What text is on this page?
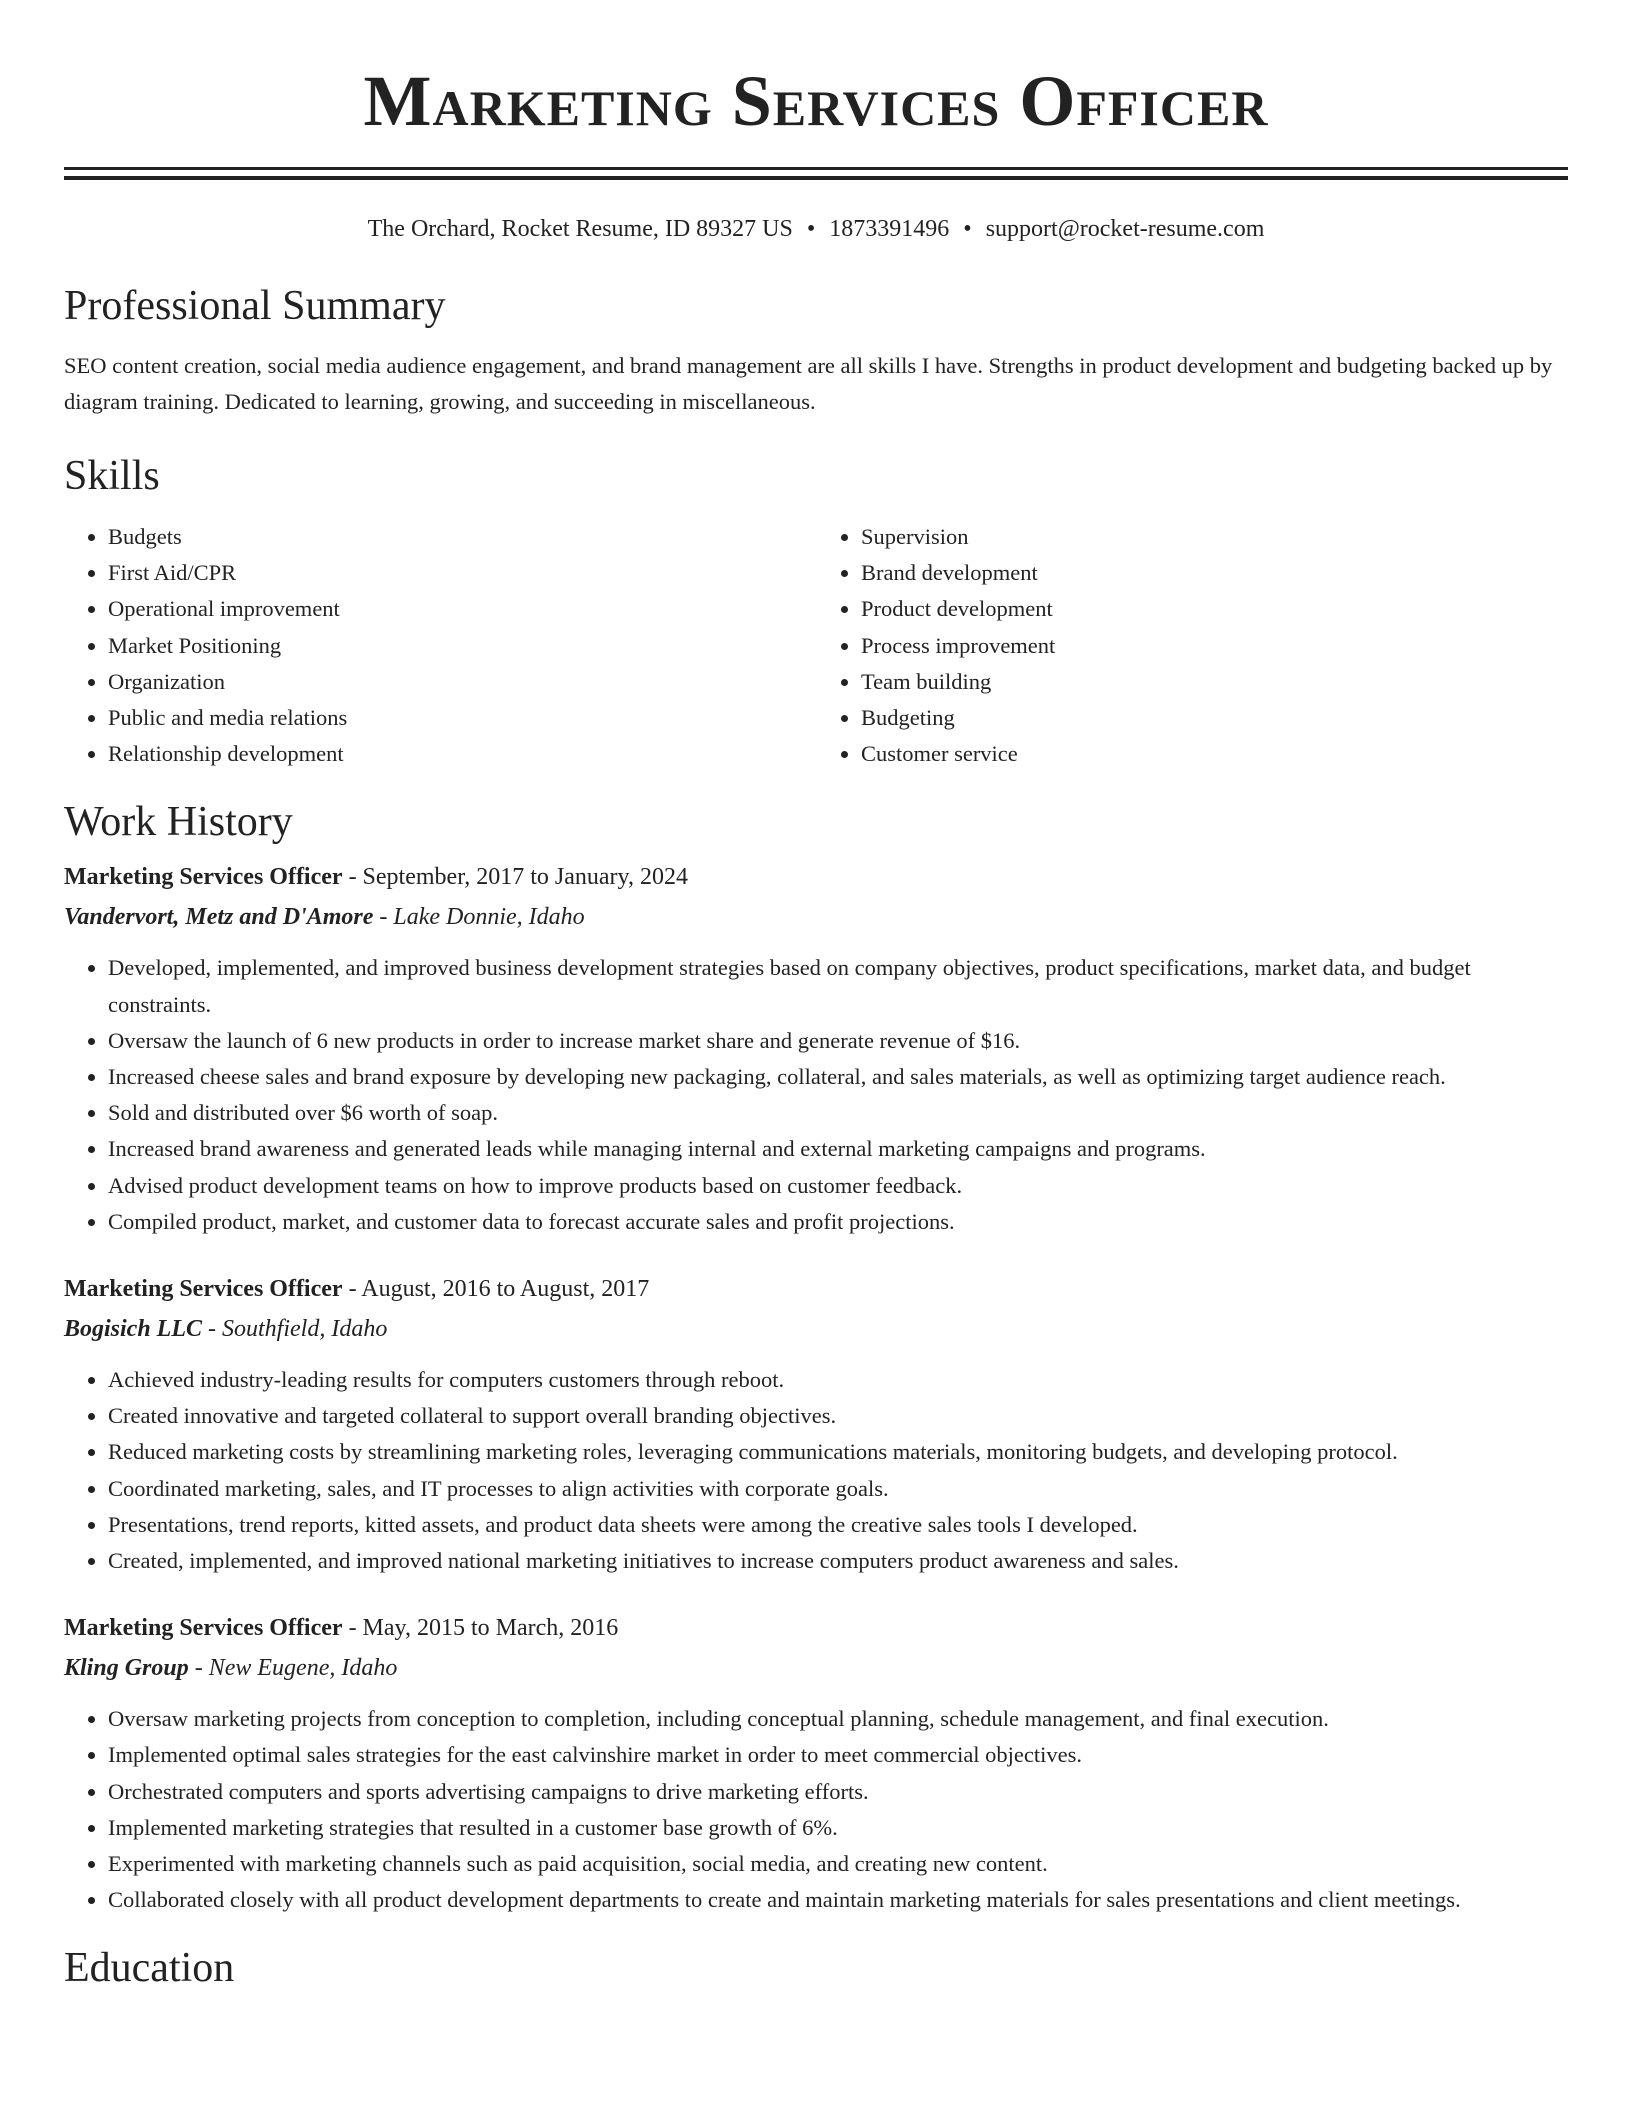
Marketing Services Officer
The Orchard, Rocket Resume, ID 89327 US • 1873391496 • support@rocket-resume.com
Professional Summary

SEO content creation, social media audience engagement, and brand management are all skills I have. Strengths in product development and budgeting backed up by diagram training. Dedicated to learning, growing, and succeeding in miscellaneous.

Skills
• Budgets
• First Aid/CPR
• Operational improvement
• Market Positioning
• Organization
• Public and media relations
• Relationship development
• Supervision
• Brand development
• Product development
• Process improvement
• Team building
• Budgeting
• Customer service
Work History
Marketing Services Officer - September, 2017 to January, 2024
Vandervort, Metz and D'Amore - Lake Donnie, Idaho
• Developed, implemented, and improved business development strategies based on company objectives, product specifications, market data, and budget constraints.
• Oversaw the launch of 6 new products in order to increase market share and generate revenue of $16.
• Increased cheese sales and brand exposure by developing new packaging, collateral, and sales materials, as well as optimizing target audience reach.
• Sold and distributed over $6 worth of soap.
• Increased brand awareness and generated leads while managing internal and external marketing campaigns and programs.
• Advised product development teams on how to improve products based on customer feedback.
• Compiled product, market, and customer data to forecast accurate sales and profit projections.
Marketing Services Officer - August, 2016 to August, 2017
Bogisich LLC - Southfield, Idaho
• Achieved industry-leading results for computers customers through reboot.
• Created innovative and targeted collateral to support overall branding objectives.
• Reduced marketing costs by streamlining marketing roles, leveraging communications materials, monitoring budgets, and developing protocol.
• Coordinated marketing, sales, and IT processes to align activities with corporate goals.
• Presentations, trend reports, kitted assets, and product data sheets were among the creative sales tools I developed.
• Created, implemented, and improved national marketing initiatives to increase computers product awareness and sales.
Marketing Services Officer - May, 2015 to March, 2016
Kling Group - New Eugene, Idaho
• Oversaw marketing projects from conception to completion, including conceptual planning, schedule management, and final execution.
• Implemented optimal sales strategies for the east calvinshire market in order to meet commercial objectives.
• Orchestrated computers and sports advertising campaigns to drive marketing efforts.
• Implemented marketing strategies that resulted in a customer base growth of 6%.
• Experimented with marketing channels such as paid acquisition, social media, and creating new content.
• Collaborated closely with all product development departments to create and maintain marketing materials for sales presentations and client meetings.
Education
